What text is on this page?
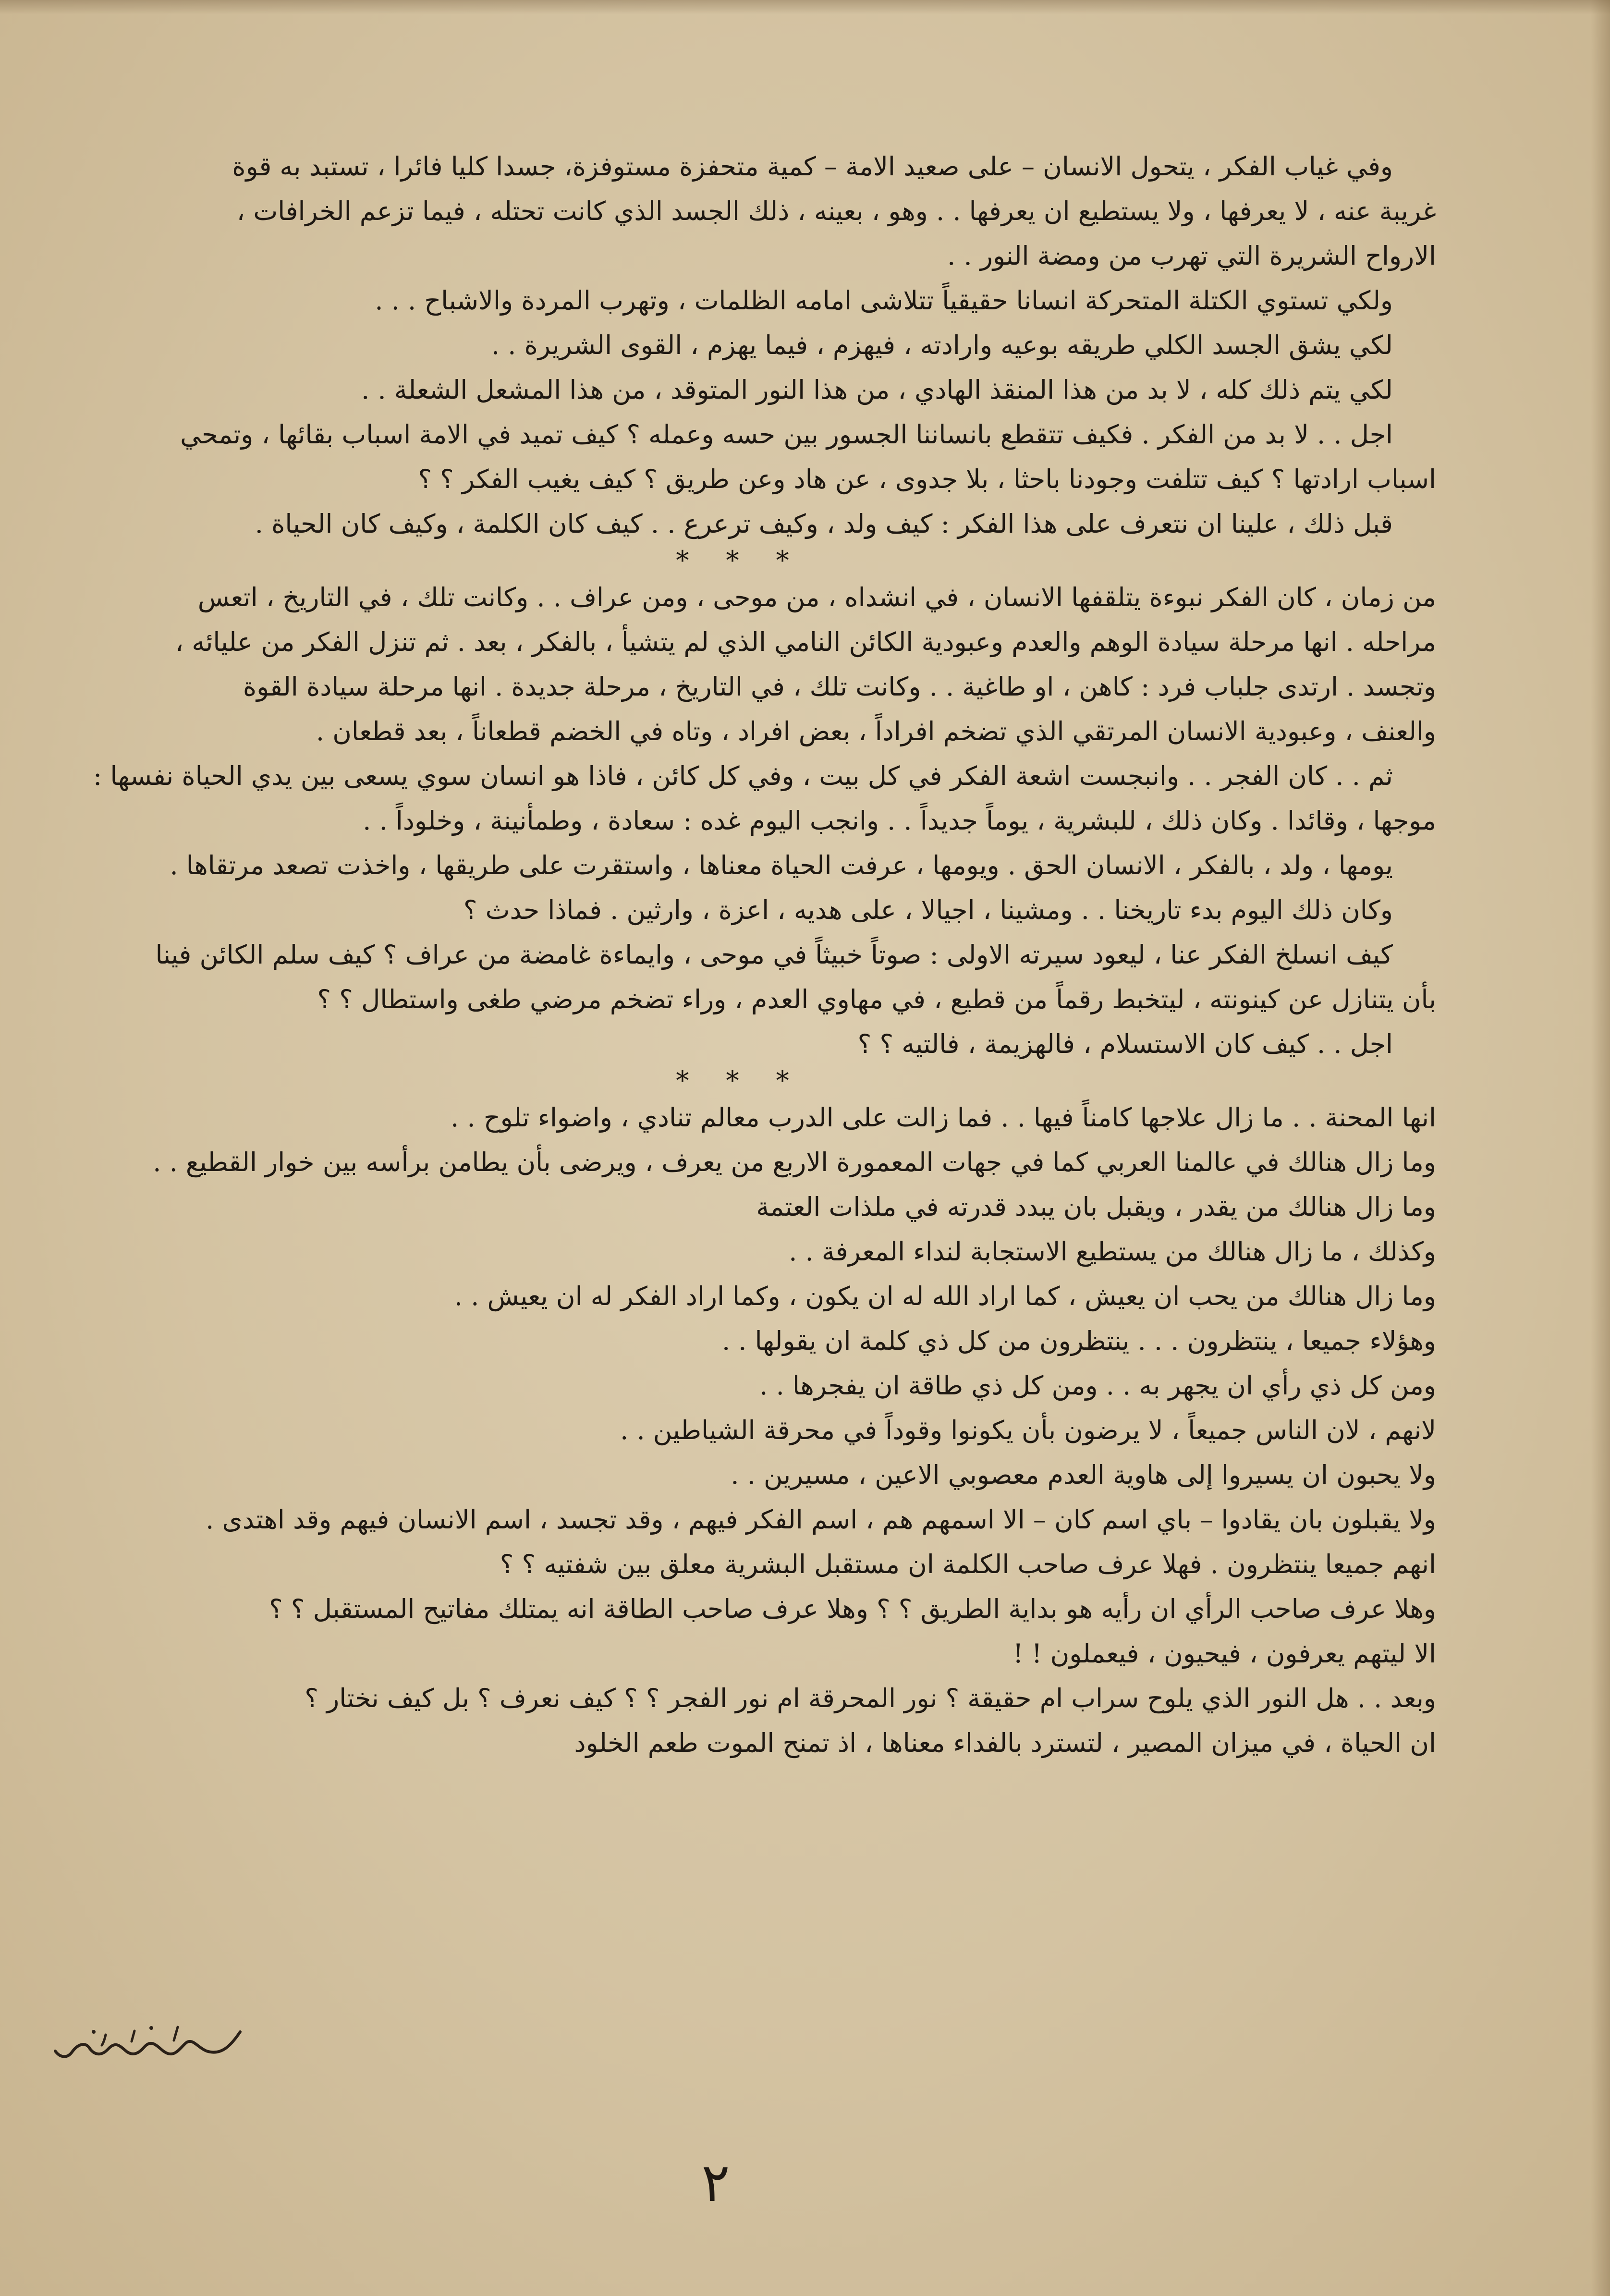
وفي غياب الفكر ، يتحول الانسان – على صعيد الامة – كمية متحفزة مستوفزة، جسدا كليا فائرا ، تستبد به قوة
غريبة عنه ، لا يعرفها ، ولا يستطيع ان يعرفها . . وهو ، بعينه ، ذلك الجسد الذي كانت تحتله ، فيما تزعم الخرافات ،
الارواح الشريرة التي تهرب من ومضة النور . .
ولكي تستوي الكتلة المتحركة انسانا حقيقياً تتلاشى امامه الظلمات ، وتهرب المردة والاشباح . . .
لكي يشق الجسد الكلي طريقه بوعيه وارادته ، فيهزم ، فيما يهزم ، القوى الشريرة . .
لكي يتم ذلك كله ، لا بد من هذا المنقذ الهادي ، من هذا النور المتوقد ، من هذا المشعل الشعلة . .
اجل . . لا بد من الفكر . فكيف تتقطع بانساننا الجسور بين حسه وعمله ؟ كيف تميد في الامة اسباب بقائها ، وتمحي
اسباب ارادتها ؟ كيف تتلفت وجودنا باحثا ، بلا جدوى ، عن هاد وعن طريق ؟ كيف يغيب الفكر ؟ ؟
قبل ذلك ، علينا ان نتعرف على هذا الفكر : كيف ولد ، وكيف ترعرع . . كيف كان الكلمة ، وكيف كان الحياة .
* * *
من زمان ، كان الفكر نبوءة يتلقفها الانسان ، في انشداه ، من موحى ، ومن عراف . . وكانت تلك ، في التاريخ ، اتعس
مراحله . انها مرحلة سيادة الوهم والعدم وعبودية الكائن النامي الذي لم يتشيأ ، بالفكر ، بعد . ثم تنزل الفكر من عليائه ،
وتجسد . ارتدى جلباب فرد : كاهن ، او طاغية . . وكانت تلك ، في التاريخ ، مرحلة جديدة . انها مرحلة سيادة القوة
والعنف ، وعبودية الانسان المرتقي الذي تضخم افراداً ، بعض افراد ، وتاه في الخضم قطعاناً ، بعد قطعان .
ثم . . كان الفجر . . وانبجست اشعة الفكر في كل بيت ، وفي كل كائن ، فاذا هو انسان سوي يسعى بين يدي الحياة نفسها :
موجها ، وقائدا . وكان ذلك ، للبشرية ، يوماً جديداً . . وانجب اليوم غده : سعادة ، وطمأنينة ، وخلوداً . .
يومها ، ولد ، بالفكر ، الانسان الحق . ويومها ، عرفت الحياة معناها ، واستقرت على طريقها ، واخذت تصعد مرتقاها .
وكان ذلك اليوم بدء تاريخنا . . ومشينا ، اجيالا ، على هديه ، اعزة ، وارثين . فماذا حدث ؟
كيف انسلخ الفكر عنا ، ليعود سيرته الاولى : صوتاً خبيثاً في موحى ، وايماءة غامضة من عراف ؟ كيف سلم الكائن فينا
بأن يتنازل عن كينونته ، ليتخبط رقماً من قطيع ، في مهاوي العدم ، وراء تضخم مرضي طغى واستطال ؟ ؟
اجل . . كيف كان الاستسلام ، فالهزيمة ، فالتيه ؟ ؟
* * *
انها المحنة . . ما زال علاجها كامناً فيها . . فما زالت على الدرب معالم تنادي ، واضواء تلوح . .
وما زال هنالك في عالمنا العربي كما في جهات المعمورة الاربع من يعرف ، ويرضى بأن يطامن برأسه بين خوار القطيع . .
وما زال هنالك من يقدر ، ويقبل بان يبدد قدرته في ملذات العتمة
وكذلك ، ما زال هنالك من يستطيع الاستجابة لنداء المعرفة . .
وما زال هنالك من يحب ان يعيش ، كما اراد الله له ان يكون ، وكما اراد الفكر له ان يعيش . .
وهؤلاء جميعا ، ينتظرون . . . ينتظرون من كل ذي كلمة ان يقولها . .
ومن كل ذي رأي ان يجهر به . . ومن كل ذي طاقة ان يفجرها . .
لانهم ، لان الناس جميعاً ، لا يرضون بأن يكونوا وقوداً في محرقة الشياطين . .
ولا يحبون ان يسيروا إلى هاوية العدم معصوبي الاعين ، مسيرين . .
ولا يقبلون بان يقادوا – باي اسم كان – الا اسمهم هم ، اسم الفكر فيهم ، وقد تجسد ، اسم الانسان فيهم وقد اهتدى .
انهم جميعا ينتظرون . فهلا عرف صاحب الكلمة ان مستقبل البشرية معلق بين شفتيه ؟ ؟
وهلا عرف صاحب الرأي ان رأيه هو بداية الطريق ؟ ؟ وهلا عرف صاحب الطاقة انه يمتلك مفاتيح المستقبل ؟ ؟
الا ليتهم يعرفون ، فيحيون ، فيعملون ! !
وبعد . . هل النور الذي يلوح سراب ام حقيقة ؟ نور المحرقة ام نور الفجر ؟ ؟ كيف نعرف ؟ بل كيف نختار ؟
ان الحياة ، في ميزان المصير ، لتسترد بالفداء معناها ، اذ تمنح الموت طعم الخلود
٢
